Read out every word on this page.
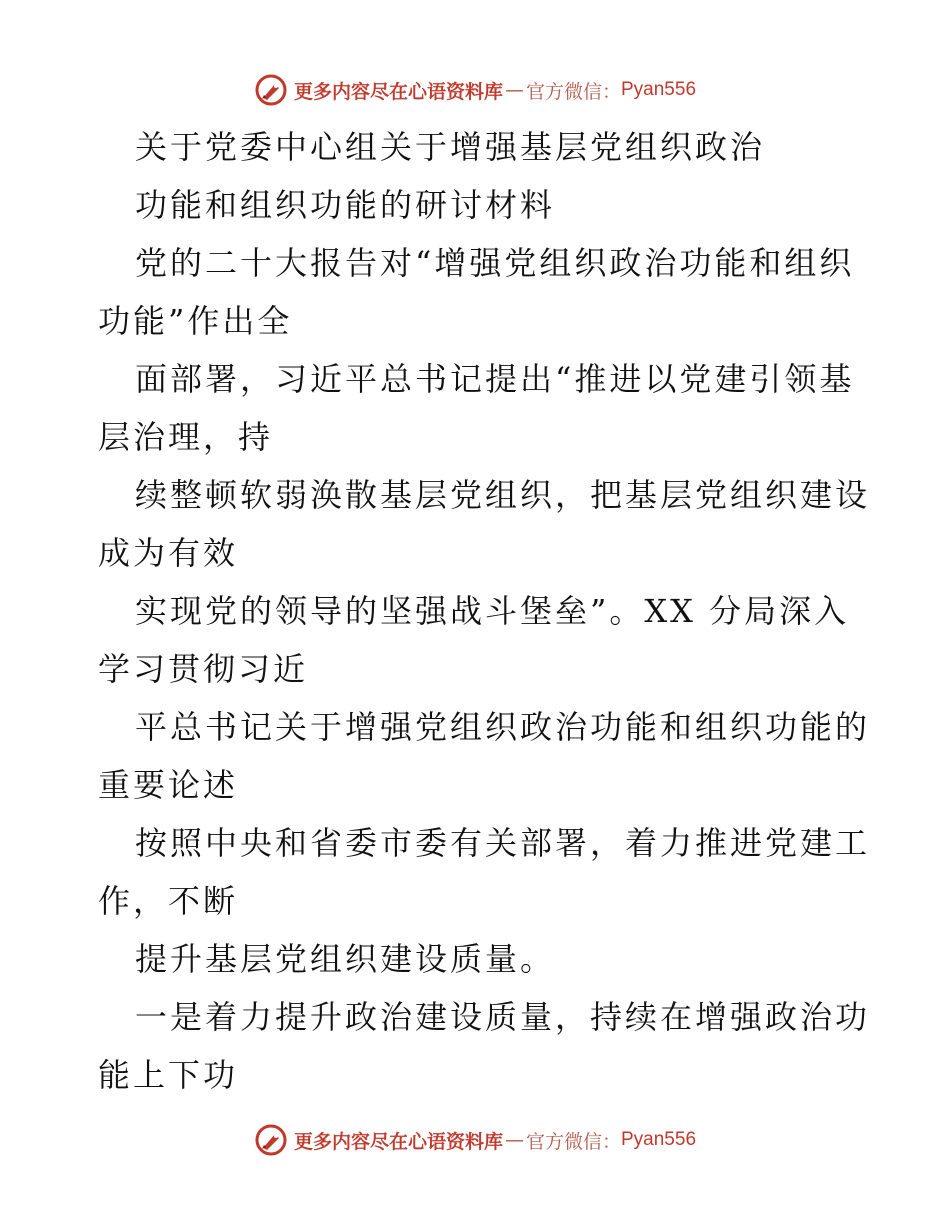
更多内容尽在心语资料库 — 官方微信： Pyan556
关于党委中心组关于增强基层党组织政治
功能和组织功能的研讨材料
党的二十大报告对“增强党组织政治功能和组织
功能”作出全
面部署，习近平总书记提出“推进以党建引领基
层治理，持
续整顿软弱涣散基层党组织，把基层党组织建设
成为有效
实现党的领导的坚强战斗堡垒”。XX 分局深入
学习贯彻习近
平总书记关于增强党组织政治功能和组织功能的
重要论述
按照中央和省委市委有关部署，着力推进党建工
作，不断
提升基层党组织建设质量。
一是着力提升政治建设质量，持续在增强政治功
能上下功
更多内容尽在心语资料库 — 官方微信： Pyan556
